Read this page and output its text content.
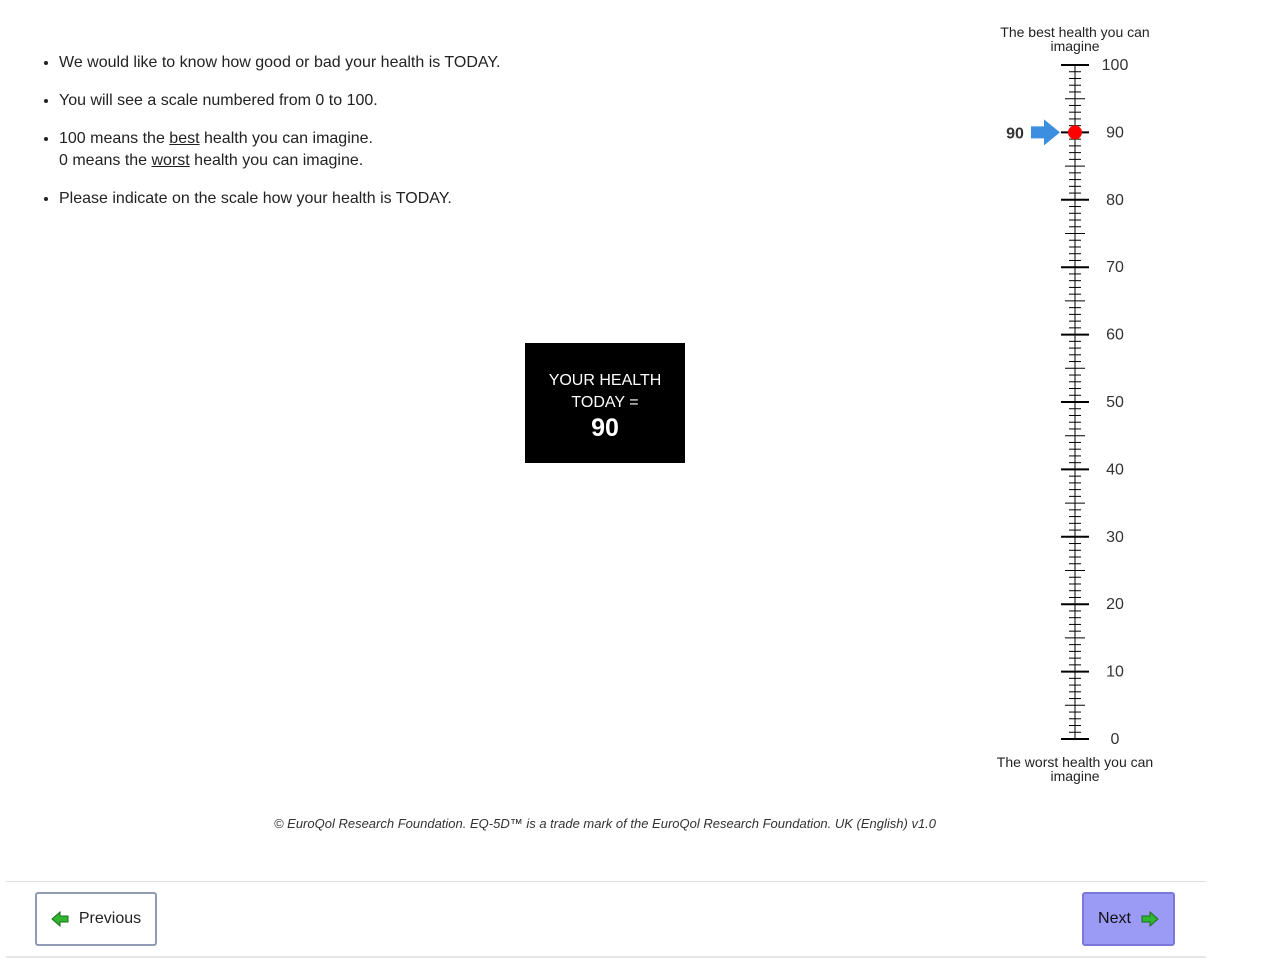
• We would like to know how good or bad your health is TODAY.
• You will see a scale numbered from 0 to 100.
• 100 means the best health you can imagine.
0 means the worst health you can imagine.
• Please indicate on the scale how your health is TODAY.
YOUR HEALTH TODAY =
90
The best health you can imagine
The worst health you can imagine
100
90
80
70
60
50
40
30
20
10
0
90
© EuroQol Research Foundation. EQ-5D™ is a trade mark of the EuroQol Research Foundation. UK (English) v1.0
Previous	Next
